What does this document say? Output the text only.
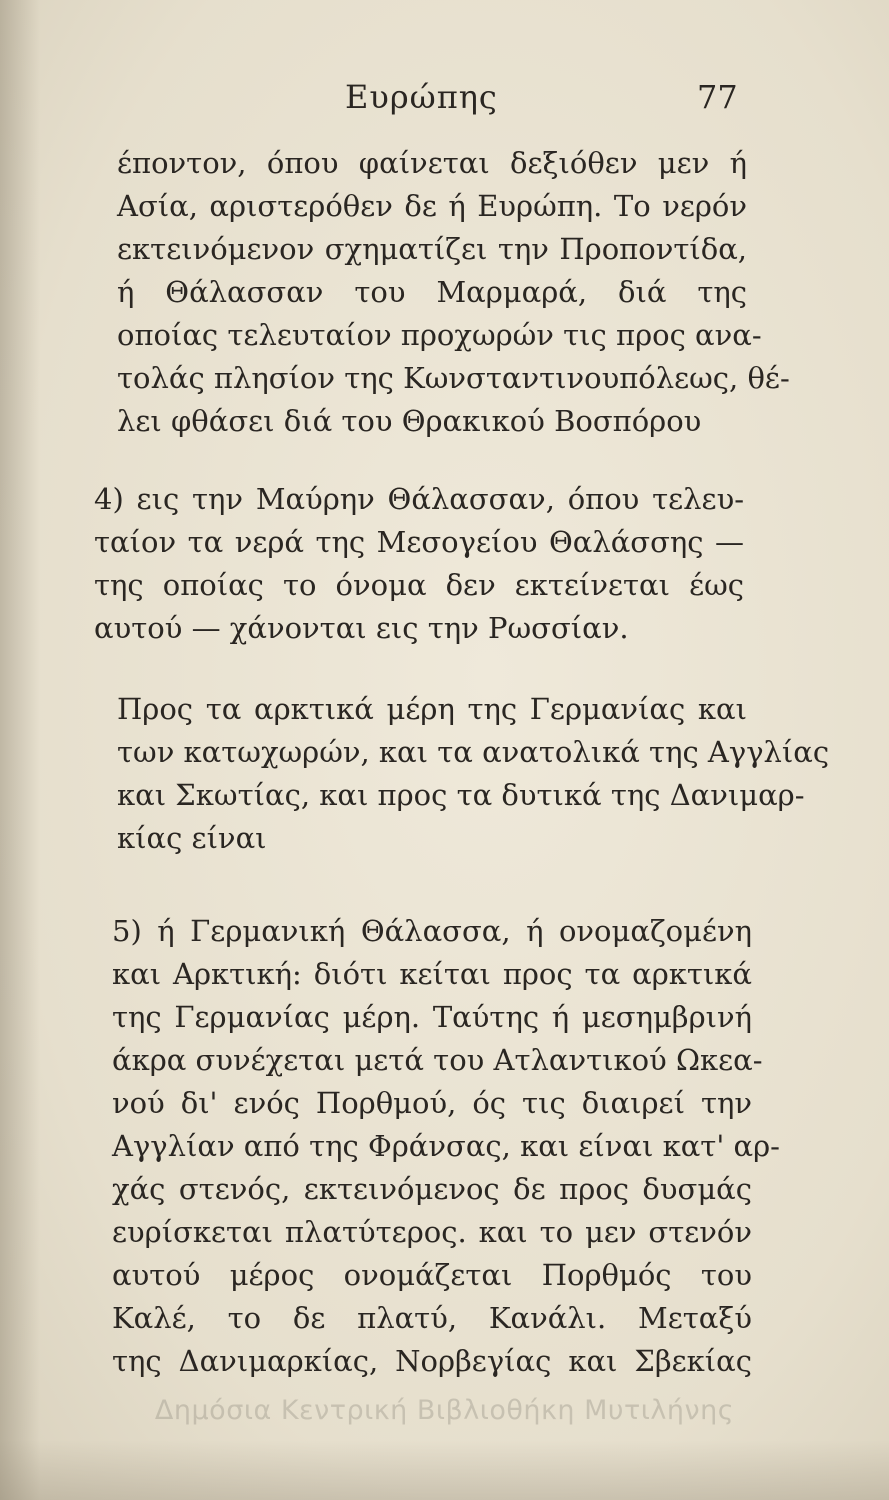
Ευρώπης	77
έποντον, όπου φαίνεται δεξιόθεν μεν ή
Ασία, αριστερόθεν δε ή Ευρώπη. Το νερόν
εκτεινόμενον σχηματίζει την Προποντίδα,
ή Θάλασσαν του Μαρμαρά, διά της
οποίας τελευταίον προχωρών τις προς ανα-
τολάς πλησίον της Κωνσταντινουπόλεως, θέ-
λει φθάσει διά του Θρακικού Βοσπόρου
4) εις την Μαύρην Θάλασσαν, όπου τελευ-
ταίον τα νερά της Μεσογείου Θαλάσσης —
της οποίας το όνομα δεν εκτείνεται έως
αυτού — χάνονται εις την Ρωσσίαν.
Προς τα αρκτικά μέρη της Γερμανίας και
των κατωχωρών, και τα ανατολικά της Αγγλίας
και Σκωτίας, και προς τα δυτικά της Δανιμαρ-
κίας είναι
5) ή Γερμανική Θάλασσα, ή ονομαζομένη
και Αρκτική: διότι κείται προς τα αρκτικά
της Γερμανίας μέρη. Ταύτης ή μεσημβρινή
άκρα συνέχεται μετά του Ατλαντικού Ωκεα-
νού δι' ενός Πορθμού, ός τις διαιρεί την
Αγγλίαν από της Φράνσας, και είναι κατ' αρ-
χάς στενός, εκτεινόμενος δε προς δυσμάς
ευρίσκεται πλατύτερος. και το μεν στενόν
αυτού μέρος ονομάζεται Πορθμός του
Καλέ, το δε πλατύ, Κανάλι. Μεταξύ
της Δανιμαρκίας, Νορβεγίας και Σβεκίας
Δημόσια Κεντρική Βιβλιοθήκη Μυτιλήνης
